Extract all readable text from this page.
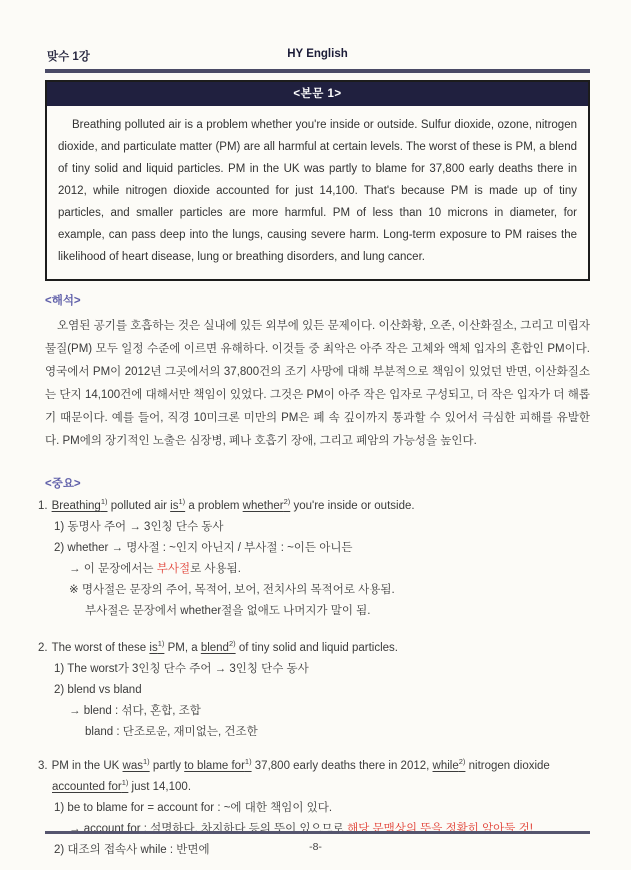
맞수 1강	HY English
<본문 1>

Breathing polluted air is a problem whether you're inside or outside. Sulfur dioxide, ozone, nitrogen dioxide, and particulate matter (PM) are all harmful at certain levels. The worst of these is PM, a blend of tiny solid and liquid particles. PM in the UK was partly to blame for 37,800 early deaths there in 2012, while nitrogen dioxide accounted for just 14,100. That's because PM is made up of tiny particles, and smaller particles are more harmful. PM of less than 10 microns in diameter, for example, can pass deep into the lungs, causing severe harm. Long-term exposure to PM raises the likelihood of heart disease, lung or breathing disorders, and lung cancer.

<해석>

오염된 공기를 호흡하는 것은 실내에 있든 외부에 있든 문제이다. 이산화황, 오존, 이산화질소, 그리고 미립자 물질(PM) 모두 일정 수준에 이르면 유해하다. 이것들 중 최악은 아주 작은 고체와 액체 입자의 혼합인 PM이다. 영국에서 PM이 2012년 그곳에서의 37,800건의 조기 사망에 대해 부분적으로 책임이 있었던 반면, 이산화질소는 단지 14,100건에 대해서만 책임이 있었다. 그것은 PM이 아주 작은 입자로 구성되고, 더 작은 입자가 더 해롭기 때문이다. 예를 들어, 직경 10미크론 미만의 PM은 폐 속 깊이까지 통과할 수 있어서 극심한 피해를 유발한다. PM에의 장기적인 노출은 심장병, 폐나 호흡기 장애, 그리고 폐암의 가능성을 높인다.

<중요>
1. Breathing$^{1)}$ polluted air $is^{1)}$ a problem whether$^{2)}$ you're inside or outside.
1) 동명사 주어 → 3인칭 단수 동사
2) whether → 명사절 : ~인지 아닌지 / 부사절 : ~이든 아니든
→ 이 문장에서는 부사절로 사용됨.
※ 명사절은 문장의 주어, 목적어, 보어, 전치사의 목적어로 사용됨.
부사절은 문장에서 whether절을 없애도 나머지가 말이 됨.
2. The worst of these $is^{1)}$ PM, a blend$^{2)}$ of tiny solid and liquid particles.
1) The worst가 3인칭 단수 주어 → 3인칭 단수 동사
2) blend vs bland
→ blend : 섞다, 혼합, 조합
bland : 단조로운, 재미없는, 건조한
3. PM in the UK was$^{1)}$ partly to blame for$^{1)}$ 37,800 early deaths there in 2012, while$^{2)}$ nitrogen dioxide accounted for$^{1)}$ just 14,100.
1) be to blame for = account for : ~에 대한 책임이 있다.
→ account for : 설명하다, 차지하다 등의 뜻이 있으므로 해당 문맥상의 뜻을 정확히 알아둘 것!
2) 대조의 접속사 while : 반면에	-8-
